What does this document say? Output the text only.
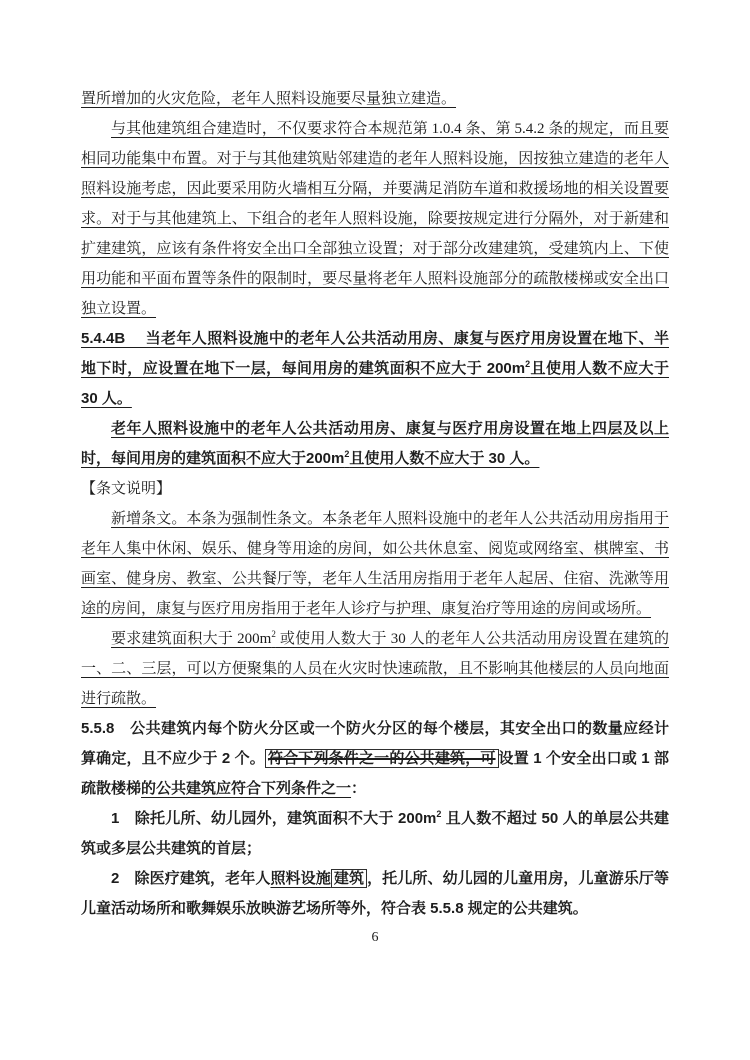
置所增加的火灾危险，老年人照料设施要尽量独立建造。

与其他建筑组合建造时，不仅要求符合本规范第 1.0.4 条、第 5.4.2 条的规定，而且要相同功能集中布置。对于与其他建筑贴邻建造的老年人照料设施，因按独立建造的老年人照料设施考虑，因此要采用防火墙相互分隔，并要满足消防车道和救援场地的相关设置要求。对于与其他建筑上、下组合的老年人照料设施，除要按规定进行分隔外，对于新建和扩建建筑，应该有条件将安全出口全部独立设置；对于部分改建建筑，受建筑内上、下使用功能和平面布置等条件的限制时，要尽量将老年人照料设施部分的疏散楼梯或安全出口独立设置。

5.4.4B　 当老年人照料设施中的老年人公共活动用房、康复与医疗用房设置在地下、半地下时，应设置在地下一层，每间用房的建筑面积不应大于 $200m^2$且使用人数不应大于 30 人。

老年人照料设施中的老年人公共活动用房、康复与医疗用房设置在地上四层及以上时，每间用房的建筑面积不应大于$200m^2$且使用人数不应大于 30 人。

【条文说明】

新增条文。本条为强制性条文。本条老年人照料设施中的老年人公共活动用房指用于老年人集中休闲、娱乐、健身等用途的房间，如公共休息室、阅览或网络室、棋牌室、书画室、健身房、教室、公共餐厅等，老年人生活用房指用于老年人起居、住宿、洗漱等用途的房间，康复与医疗用房指用于老年人诊疗与护理、康复治疗等用途的房间或场所。

要求建筑面积大于 $200m^2$ 或使用人数大于 30 人的老年人公共活动用房设置在建筑的一、二、三层，可以方便聚集的人员在火灾时快速疏散，且不影响其他楼层的人员向地面进行疏散。

5.5.8　公共建筑内每个防火分区或一个防火分区的每个楼层，其安全出口的数量应经计算确定，且不应少于 2 个。 符合下列条件之一的公共建筑，可 设置 1 个安全出口或 1 部疏散楼梯的公共建筑应符合下列条件之一：

1　除托儿所、幼儿园外，建筑面积不大于 $200m^2$ 且人数不超过 50 人的单层公共建筑或多层公共建筑的首层；

2　除医疗建筑，老年人照料设施 建筑 ，托儿所、幼儿园的儿童用房，儿童游乐厅等儿童活动场所和歌舞娱乐放映游艺场所等外，符合表 5.5.8 规定的公共建筑。

6
